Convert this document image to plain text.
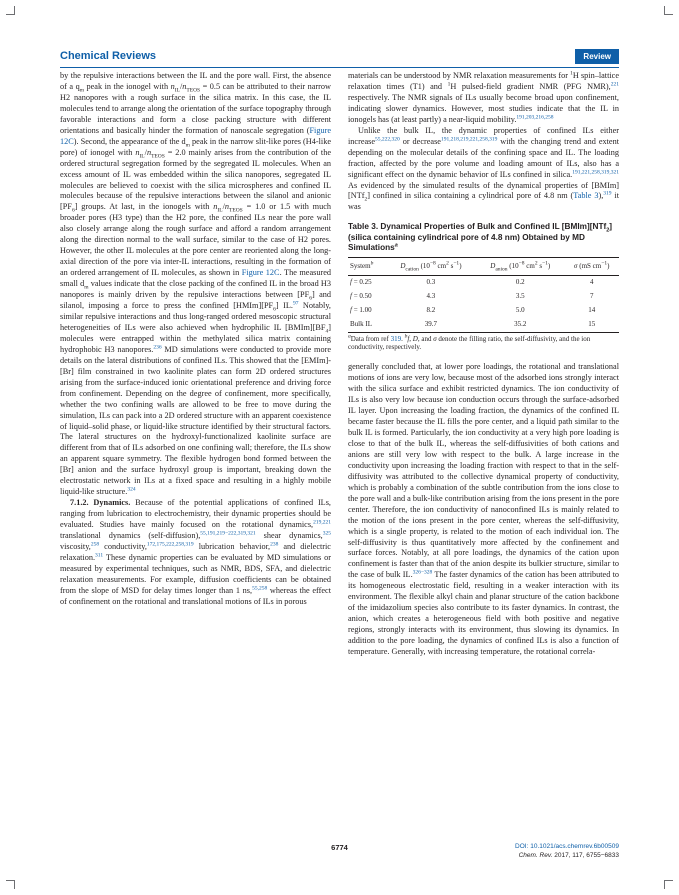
Chemical Reviews	Review

by the repulsive interactions between the IL and the pore wall. First, the absence of a $q_m$ peak in the ionogel with $n_{IL}/n_{TEOS} = 0.5$ can be attributed to their narrow H2 nanopores with a rough surface in the silica matrix. In this case, the IL molecules tend to arrange along the orientation of the surface topography through favorable interactions and form a close packing structure with different orientations and basically hinder the formation of nanoscale segregation (Figure 12C). Second, the appearance of the $d_m$ peak in the narrow slit-like pores (H4-like pore) of ionogel with $n_{IL}/n_{TEOS} = 2.0$ mainly arises from the contribution of the ordered structural segregation formed by the segregated IL molecules. When an excess amount of IL was embedded within the silica nanopores, segregated IL molecules are believed to coexist with the silica microspheres and confined IL molecules because of the repulsive interactions between the silanol and anionic $[PF_6]$ groups. At last, in the ionogels with $n_{IL}/n_{TEOS} = 1.0$ or 1.5 with much broader pores (H3 type) than the H2 pore, the confined ILs near the pore wall also closely arrange along the rough surface and afford a random arrangement along the direction normal to the wall surface, similar to the case of H2 pores. However, the other IL molecules at the pore center are reoriented along the long-axial direction of the pore via inter-IL interactions, resulting in the formation of an ordered arrangement of IL molecules, as shown in Figure 12C. The measured small $d_m$ values indicate that the close packing of the confined IL in the broad H3 nanopores is mainly driven by the repulsive interactions between $[PF_6]$ and silanol, imposing a force to press the confined $[HMIm][PF_6]$ IL.$^{97}$ Notably, similar repulsive interactions and thus long-ranged ordered mesoscopic structural heterogeneities of ILs were also achieved when hydrophilic IL $[BMIm][BF_4]$ molecules were entrapped within the methylated silica matrix containing hydrophobic H3 nanopores.$^{236}$ MD simulations were conducted to provide more details on the lateral distributions of confined ILs. This showed that the [EMIm]-[Br] film constrained in two kaolinite plates can form 2D ordered structures arising from the surface-induced ionic orientational preference and driving force from confinement. Depending on the degree of confinement, more specifically, whether the two confining walls are allowed to be free to move during the simulation, ILs can pack into a 2D ordered structure with an apparent coexistence of liquid–solid phase, or liquid-like structure identified by their structural factors. The lateral structures on the hydroxyl-functionalized kaolinite surface are different from that of ILs adsorbed on one confining wall; therefore, the ILs show an apparent square symmetry. The flexible hydrogen bond formed between the [Br] anion and the surface hydroxyl group is important, breaking down the electrostatic network in ILs at a fixed space and resulting in a highly mobile liquid-like structure.$^{324}$

7.1.2. Dynamics. Because of the potential applications of confined ILs, ranging from lubrication to electrochemistry, their dynamic properties should be evaluated. Studies have mainly focused on the rotational dynamics,$^{219,221}$ translational dynamics (self-diffusion),$^{55,191,219-222,319,321}$ shear dynamics,$^{325}$ viscosity,$^{258}$ conductivity,$^{172,175,222,258,319}$ lubrication behavior,$^{238}$ and dielectric relaxation.$^{311}$ These dynamic properties can be evaluated by MD simulations or measured by experimental techniques, such as NMR, BDS, SFA, and dielectric relaxation measurements. For example, diffusion coefficients can be obtained from the slope of MSD for delay times longer than 1 ns,$^{55,258}$ whereas the effect of confinement on the rotational and translational motions of ILs in porous

materials can be understood by NMR relaxation measurements for $^1$H spin–lattice relaxation times (T1) and $^1$H pulsed-field gradient NMR (PFG NMR),$^{221}$ respectively. The NMR signals of ILs usually become broad upon confinement, indicating slower dynamics. However, most studies indicate that the IL in ionogels has (at least partly) a near-liquid mobility.$^{191,203,216,258}$

Unlike the bulk IL, the dynamic properties of confined ILs either increase$^{55,222,320}$ or decrease$^{191,218,219,221,258,319}$ with the changing trend and extent depending on the molecular details of the confining space and IL. The loading fraction, affected by the pore volume and loading amount of ILs, also has a significant effect on the dynamic behavior of ILs confined in silica.$^{191,221,258,319,321}$ As evidenced by the simulated results of the dynamical properties of [BMIm][NTf$_2$] confined in silica containing a cylindrical pore of 4.8 nm (Table 3),$^{319}$ it was

Table 3. Dynamical Properties of Bulk and Confined IL [BMIm][NTf$_2$] (silica containing cylindrical pore of 4.8 nm) Obtained by MD Simulations$^a$
System$^b$	$D_{cation}$ ($10^{-8}$ $cm^2$ $s^{-1}$)	$D_{anion}$ ($10^{-8}$ $cm^2$ $s^{-1}$)	σ (mS $cm^{-1}$)
f = 0.25	0.3	0.2	4
f = 0.50	4.3	3.5	7
f = 1.00	8.2	5.0	14
Bulk IL	39.7	35.2	15
$^a$Data from ref 319. $^b$f, D, and σ denote the filling ratio, the self-diffusivity, and the ion conductivity, respectively.

generally concluded that, at lower pore loadings, the rotational and translational motions of ions are very low, because most of the adsorbed ions strongly interact with the silica surface and exhibit restricted dynamics. The ion conductivity of ILs is also very low because ion conduction occurs through the surface-adsorbed IL layer. Upon increasing the loading fraction, the dynamics of the confined IL became faster because the IL fills the pore center, and a liquid path similar to the bulk IL is formed. Particularly, the ion conductivity at a very high pore loading is close to that of the bulk IL, whereas the self-diffusivities of both cations and anions are still very low with respect to the bulk. A large increase in the conductivity upon increasing the loading fraction with respect to that in the self-diffusivity was attributed to the collective dynamical property of conductivity, which is probably a combination of the subtle contribution from the ions close to the pore wall and a bulk-like contribution arising from the ions present in the pore center. Therefore, the ion conductivity of nanoconfined ILs is mainly related to the motion of the ions present in the pore center, whereas the self-diffusivity, which is a single property, is related to the motion of each individual ion. The self-diffusivity is thus quantitatively more affected by the confinement and surface forces. Notably, at all pore loadings, the dynamics of the cation upon confinement is faster than that of the anion despite its bulkier structure, similar to the case of bulk IL.$^{326-328}$ The faster dynamics of the cation has been attributed to its homogeneous electrostatic field, resulting in a weaker interaction with its environment. The flexible alkyl chain and planar structure of the cation backbone of the imidazolium species also contribute to its faster dynamics. In contrast, the anion, which creates a heterogeneous field with both positive and negative regions, strongly interacts with its environment, thus slowing its dynamics. In addition to the pore loading, the dynamics of confined ILs is also a function of temperature. Generally, with increasing temperature, the rotational correla-

6774	DOI: 10.1021/acs.chemrev.6b00509
Chem. Rev. 2017, 117, 6755−6833
